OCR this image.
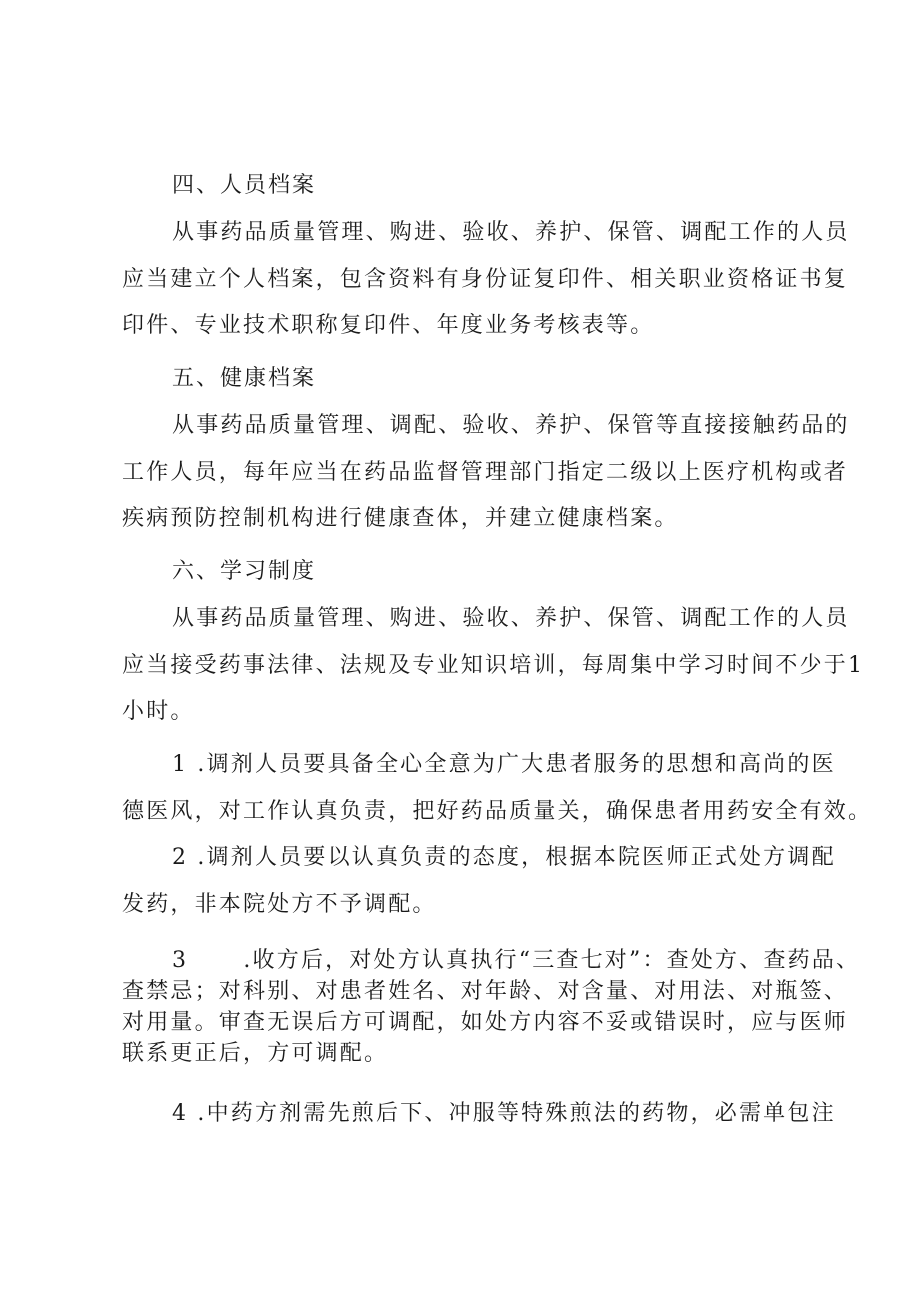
四、人员档案
从事药品质量管理、购进、验收、养护、保管、调配工作的人员
应当建立个人档案，包含资料有身份证复印件、相关职业资格证书复
印件、专业技术职称复印件、年度业务考核表等。
五、健康档案
从事药品质量管理、调配、验收、养护、保管等直接接触药品的
工作人员，每年应当在药品监督管理部门指定二级以上医疗机构或者
疾病预防控制机构进行健康查体，并建立健康档案。
六、学习制度
从事药品质量管理、购进、验收、养护、保管、调配工作的人员
应当接受药事法律、法规及专业知识培训，每周集中学习时间不少于1
小时。
1 .调剂人员要具备全心全意为广大患者服务的思想和高尚的医
德医风，对工作认真负责，把好药品质量关，确保患者用药安全有效。
2 .调剂人员要以认真负责的态度，根据本院医师正式处方调配
发药，非本院处方不予调配。
3      .收方后，对处方认真执行“三查七对”：查处方、查药品、
查禁忌；对科别、对患者姓名、对年龄、对含量、对用法、对瓶签、
对用量。审查无误后方可调配，如处方内容不妥或错误时，应与医师
联系更正后，方可调配。
4 .中药方剂需先煎后下、冲服等特殊煎法的药物，必需单包注
